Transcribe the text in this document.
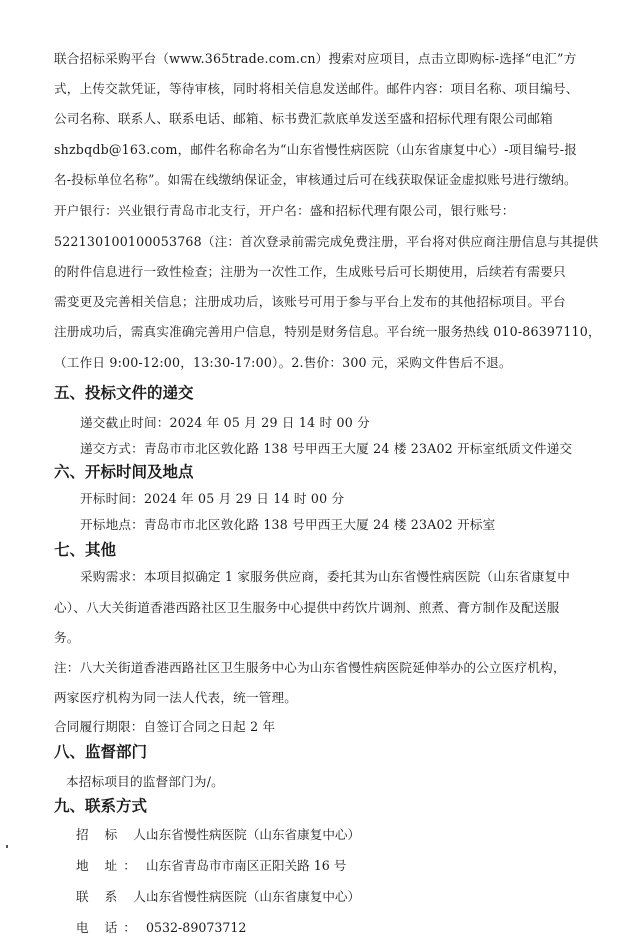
联合招标采购平台（www.365trade.com.cn）搜索对应项目，点击立即购标-选择“电汇”方
式，上传交款凭证，等待审核，同时将相关信息发送邮件。邮件内容：项目名称、项目编号、
公司名称、联系人、联系电话、邮箱、标书费汇款底单发送至盛和招标代理有限公司邮箱
shzbqdb@163.com，邮件名称命名为“山东省慢性病医院（山东省康复中心）-项目编号-报
名-投标单位名称”。如需在线缴纳保证金，审核通过后可在线获取保证金虚拟账号进行缴纳。
开户银行：兴业银行青岛市北支行，开户名：盛和招标代理有限公司，银行账号：
522130100100053768（注：首次登录前需完成免费注册，平台将对供应商注册信息与其提供
的附件信息进行一致性检查；注册为一次性工作，生成账号后可长期使用，后续若有需要只
需变更及完善相关信息；注册成功后，该账号可用于参与平台上发布的其他招标项目。平台
注册成功后，需真实准确完善用户信息，特别是财务信息。平台统一服务热线 010-86397110，
（工作日 9:00-12:00，13:30-17:00）。2.售价：300 元，采购文件售后不退。
五、投标文件的递交
递交截止时间：2024 年 05 月 29 日 14 时 00 分
递交方式：青岛市市北区敦化路 138 号甲西王大厦 24 楼 23A02 开标室纸质文件递交
六、开标时间及地点
开标时间：2024 年 05 月 29 日 14 时 00 分
开标地点：青岛市市北区敦化路 138 号甲西王大厦 24 楼 23A02 开标室
七、其他
采购需求：本项目拟确定 1 家服务供应商，委托其为山东省慢性病医院（山东省康复中
心）、八大关街道香港西路社区卫生服务中心提供中药饮片调剂、煎煮、膏方制作及配送服
务。
注：八大关街道香港西路社区卫生服务中心为山东省慢性病医院延伸举办的公立医疗机构，
两家医疗机构为同一法人代表，统一管理。
合同履行期限：自签订合同之日起 2 年
八、监督部门
本招标项目的监督部门为/。
九、联系方式
招 标 人：
山东省慢性病医院（山东省康复中心）
地 址： 山东省青岛市市南区正阳关路 16 号
联 系 人：
山东省慢性病医院（山东省康复中心）
电 话： 0532-89073712
